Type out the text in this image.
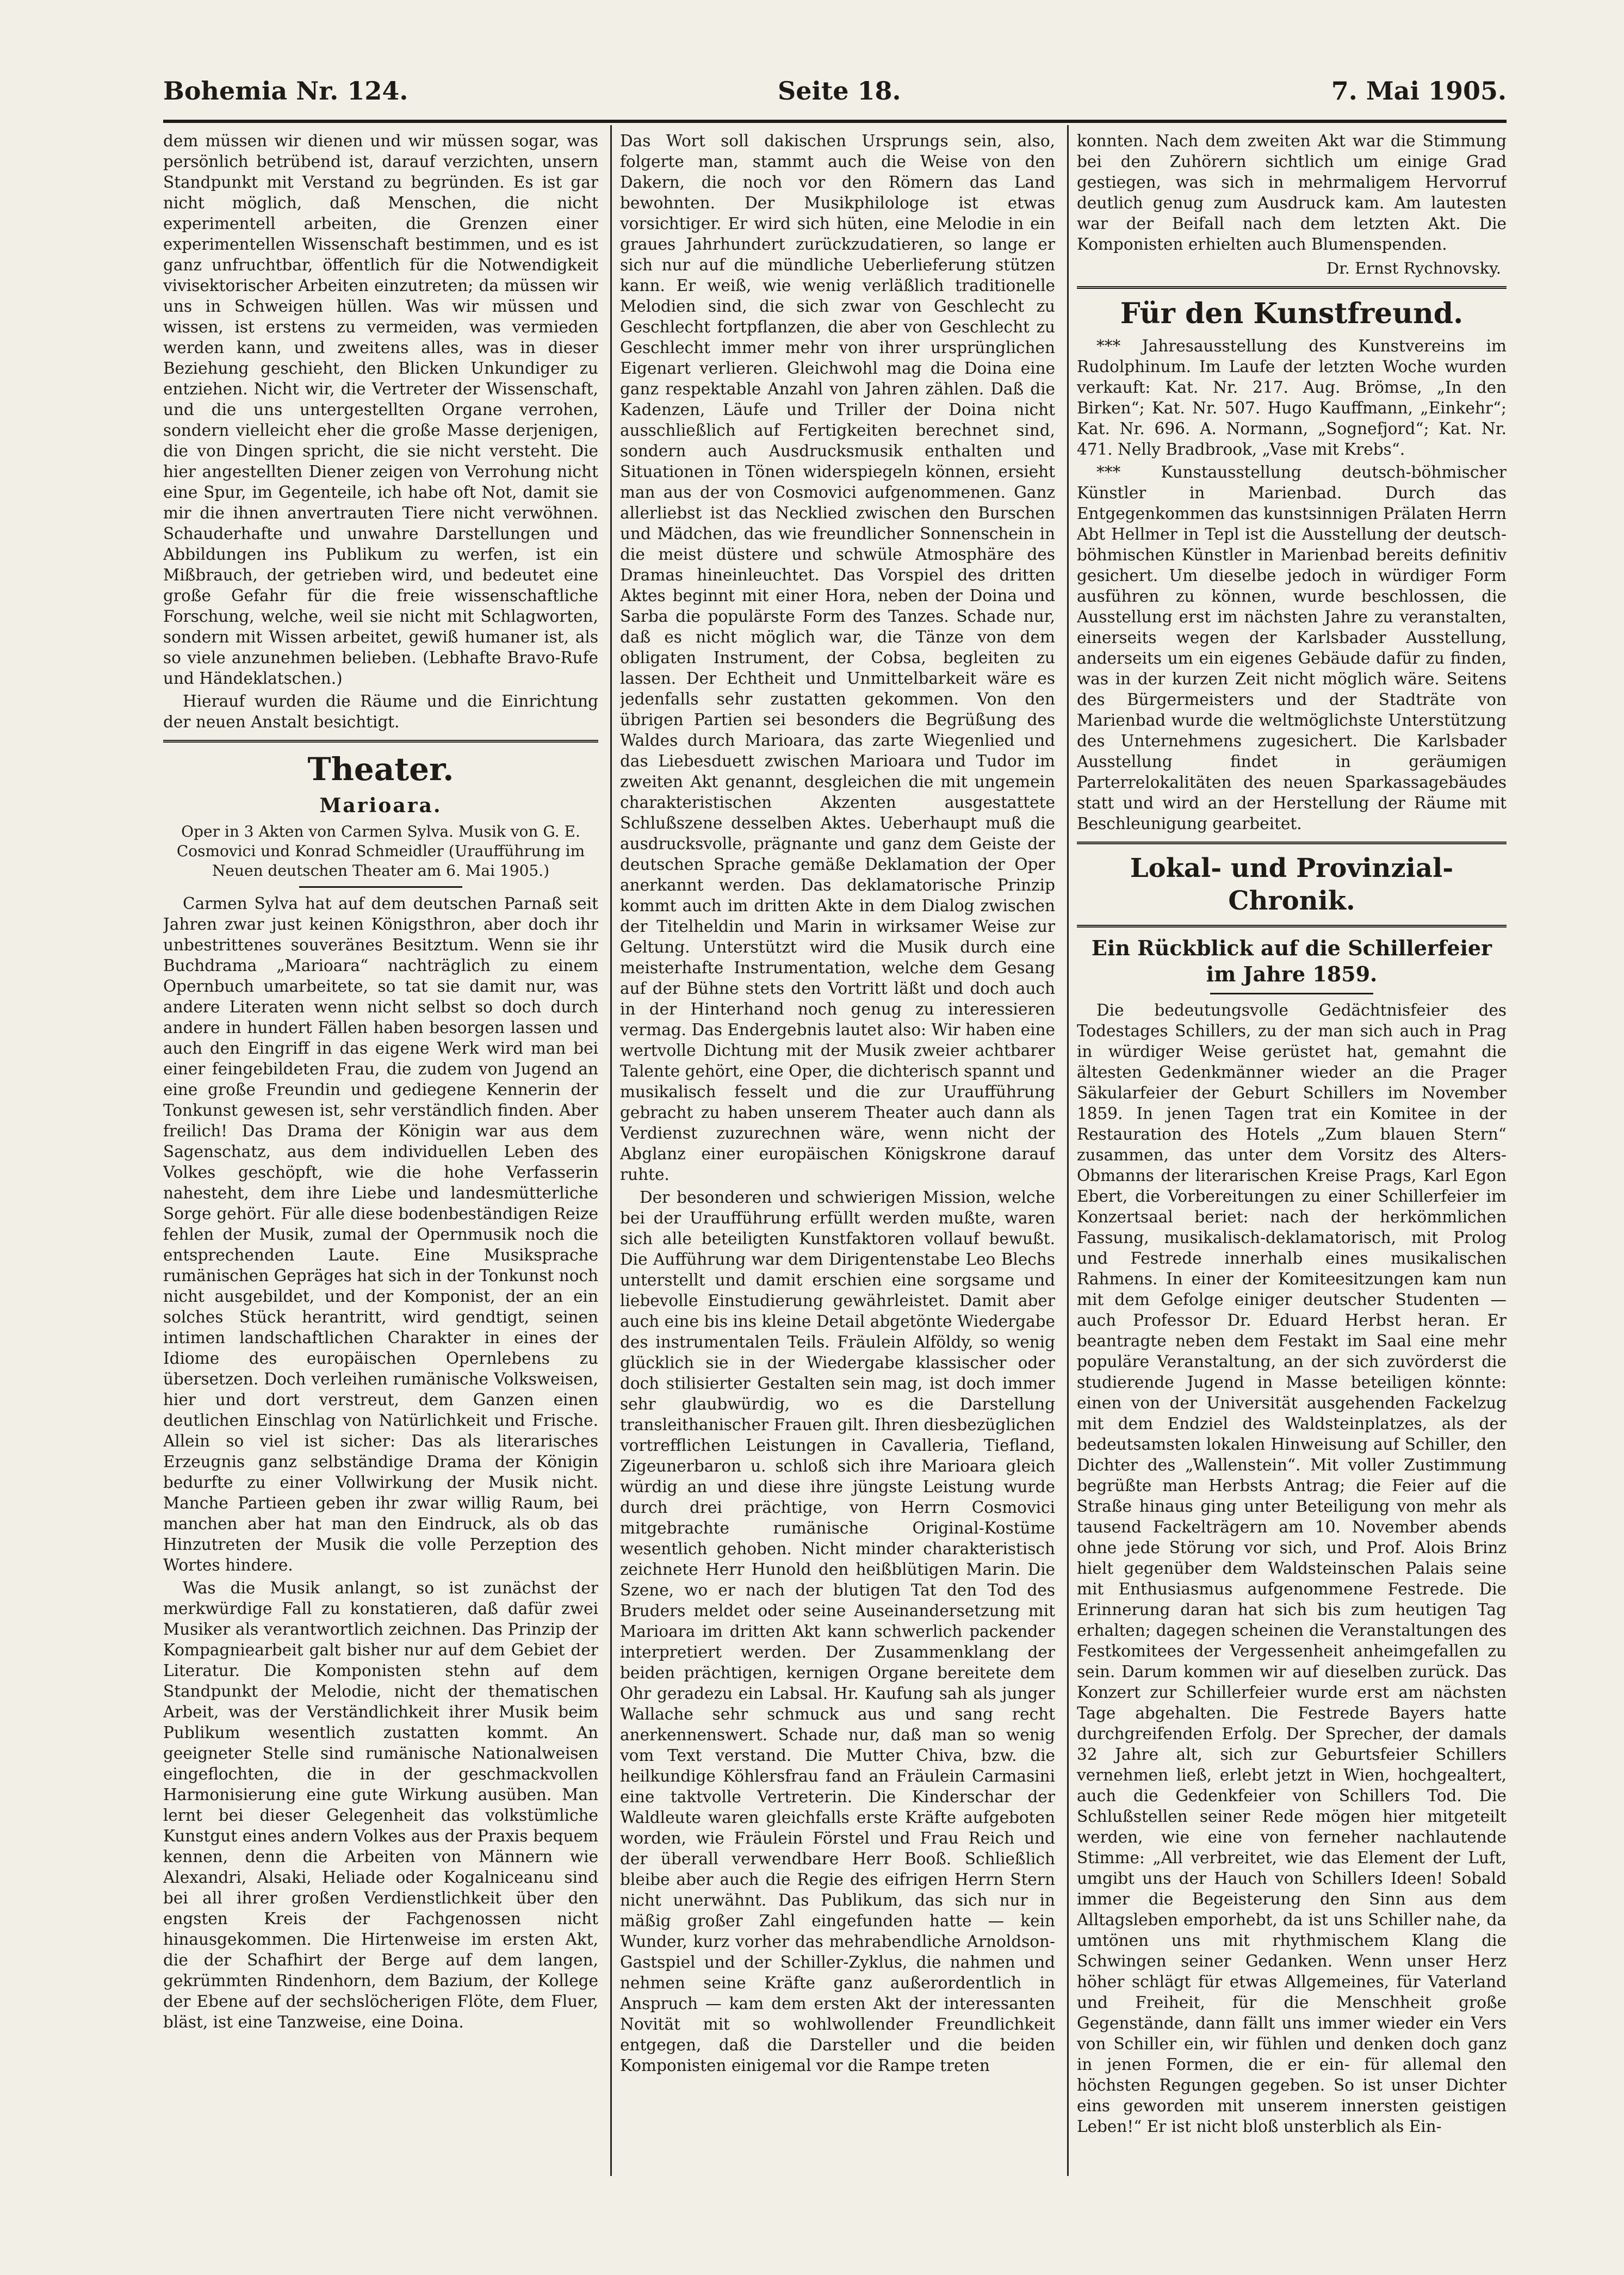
Bohemia Nr. 124.	Seite 18.	7. Mai 1905.

dem müssen wir dienen und wir müssen sogar, was persönlich betrübend ist, darauf verzichten, unsern Standpunkt mit Verstand zu begründen. Es ist gar nicht möglich, daß Menschen, die nicht experimentell arbeiten, die Grenzen einer experimentellen Wissenschaft bestimmen, und es ist ganz unfruchtbar, öffentlich für die Notwendigkeit vivisektorischer Arbeiten einzutreten; da müssen wir uns in Schweigen hüllen. Was wir müssen und wissen, ist erstens zu vermeiden, was vermieden werden kann, und zweitens alles, was in dieser Beziehung geschieht, den Blicken Unkundiger zu entziehen. Nicht wir, die Vertreter der Wissenschaft, und die uns untergestellten Organe verrohen, sondern vielleicht eher die große Masse derjenigen, die von Dingen spricht, die sie nicht versteht. Die hier angestellten Diener zeigen von Verrohung nicht eine Spur, im Gegenteile, ich habe oft Not, damit sie mir die ihnen anvertrauten Tiere nicht verwöhnen. Schauderhafte und unwahre Darstellungen und Abbildungen ins Publikum zu werfen, ist ein Mißbrauch, der getrieben wird, und bedeutet eine große Gefahr für die freie wissenschaftliche Forschung, welche, weil sie nicht mit Schlagworten, sondern mit Wissen arbeitet, gewiß humaner ist, als so viele anzunehmen belieben. (Lebhafte Bravo-Rufe und Händeklatschen.)

Hierauf wurden die Räume und die Einrichtung der neuen Anstalt besichtigt.

Theater.
Marioara.
Oper in 3 Akten von Carmen Sylva. Musik von G. E. Cosmovici und Konrad Schmeidler (Uraufführung im Neuen deutschen Theater am 6. Mai 1905.)

Carmen Sylva hat auf dem deutschen Parnaß seit Jahren zwar just keinen Königsthron, aber doch ihr unbestrittenes souveränes Besitztum. Wenn sie ihr Buchdrama „Marioara“ nachträglich zu einem Opernbuch umarbeitete, so tat sie damit nur, was andere Literaten wenn nicht selbst so doch durch andere in hundert Fällen haben besorgen lassen und auch den Eingriff in das eigene Werk wird man bei einer feingebildeten Frau, die zudem von Jugend an eine große Freundin und gediegene Kennerin der Tonkunst gewesen ist, sehr verständlich finden. Aber freilich! Das Drama der Königin war aus dem Sagenschatz, aus dem individuellen Leben des Volkes geschöpft, wie die hohe Verfasserin nahesteht, dem ihre Liebe und landesmütterliche Sorge gehört. Für alle diese bodenbeständigen Reize fehlen der Musik, zumal der Opernmusik noch die entsprechenden Laute. Eine Musiksprache rumänischen Gepräges hat sich in der Tonkunst noch nicht ausgebildet, und der Komponist, der an ein solches Stück herantritt, wird gendtigt, seinen intimen landschaftlichen Charakter in eines der Idiome des europäischen Opernlebens zu übersetzen. Doch verleihen rumänische Volksweisen, hier und dort verstreut, dem Ganzen einen deutlichen Einschlag von Natürlichkeit und Frische. Allein so viel ist sicher: Das als literarisches Erzeugnis ganz selbständige Drama der Königin bedurfte zu einer Vollwirkung der Musik nicht. Manche Partieen geben ihr zwar willig Raum, bei manchen aber hat man den Eindruck, als ob das Hinzutreten der Musik die volle Perzeption des Wortes hindere.

Was die Musik anlangt, so ist zunächst der merkwürdige Fall zu konstatieren, daß dafür zwei Musiker als verantwortlich zeichnen. Das Prinzip der Kompagniearbeit galt bisher nur auf dem Gebiet der Literatur. Die Komponisten stehn auf dem Standpunkt der Melodie, nicht der thematischen Arbeit, was der Verständlichkeit ihrer Musik beim Publikum wesentlich zustatten kommt. An geeigneter Stelle sind rumänische Nationalweisen eingeflochten, die in der geschmackvollen Harmonisierung eine gute Wirkung ausüben. Man lernt bei dieser Gelegenheit das volkstümliche Kunstgut eines andern Volkes aus der Praxis bequem kennen, denn die Arbeiten von Männern wie Alexandri, Alsaki, Heliade oder Kogalniceanu sind bei all ihrer großen Verdienstlichkeit über den engsten Kreis der Fachgenossen nicht hinausgekommen. Die Hirtenweise im ersten Akt, die der Schafhirt der Berge auf dem langen, gekrümmten Rindenhorn, dem Bazium, der Kollege der Ebene auf der sechslöcherigen Flöte, dem Fluer, bläst, ist eine Tanzweise, eine Doina.

Das Wort soll dakischen Ursprungs sein, also, folgerte man, stammt auch die Weise von den Dakern, die noch vor den Römern das Land bewohnten. Der Musikphilologe ist etwas vorsichtiger. Er wird sich hüten, eine Melodie in ein graues Jahrhundert zurückzudatieren, so lange er sich nur auf die mündliche Ueberlieferung stützen kann. Er weiß, wie wenig verläßlich traditionelle Melodien sind, die sich zwar von Geschlecht zu Geschlecht fortpflanzen, die aber von Geschlecht zu Geschlecht immer mehr von ihrer ursprünglichen Eigenart verlieren. Gleichwohl mag die Doina eine ganz respektable Anzahl von Jahren zählen. Daß die Kadenzen, Läufe und Triller der Doina nicht ausschließlich auf Fertigkeiten berechnet sind, sondern auch Ausdrucksmusik enthalten und Situationen in Tönen widerspiegeln können, ersieht man aus der von Cosmovici aufgenommenen. Ganz allerliebst ist das Necklied zwischen den Burschen und Mädchen, das wie freundlicher Sonnenschein in die meist düstere und schwüle Atmosphäre des Dramas hineinleuchtet. Das Vorspiel des dritten Aktes beginnt mit einer Hora, neben der Doina und Sarba die populärste Form des Tanzes. Schade nur, daß es nicht möglich war, die Tänze von dem obligaten Instrument, der Cobsa, begleiten zu lassen. Der Echtheit und Unmittelbarkeit wäre es jedenfalls sehr zustatten gekommen. Von den übrigen Partien sei besonders die Begrüßung des Waldes durch Marioara, das zarte Wiegenlied und das Liebesduett zwischen Marioara und Tudor im zweiten Akt genannt, desgleichen die mit ungemein charakteristischen Akzenten ausgestattete Schlußszene desselben Aktes. Ueberhaupt muß die ausdrucksvolle, prägnante und ganz dem Geiste der deutschen Sprache gemäße Deklamation der Oper anerkannt werden. Das deklamatorische Prinzip kommt auch im dritten Akte in dem Dialog zwischen der Titelheldin und Marin in wirksamer Weise zur Geltung. Unterstützt wird die Musik durch eine meisterhafte Instrumentation, welche dem Gesang auf der Bühne stets den Vortritt läßt und doch auch in der Hinterhand noch genug zu interessieren vermag. Das Endergebnis lautet also: Wir haben eine wertvolle Dichtung mit der Musik zweier achtbarer Talente gehört, eine Oper, die dichterisch spannt und musikalisch fesselt und die zur Uraufführung gebracht zu haben unserem Theater auch dann als Verdienst zuzurechnen wäre, wenn nicht der Abglanz einer europäischen Königskrone darauf ruhte.

Der besonderen und schwierigen Mission, welche bei der Uraufführung erfüllt werden mußte, waren sich alle beteiligten Kunstfaktoren vollauf bewußt. Die Aufführung war dem Dirigentenstabe Leo Blechs unterstellt und damit erschien eine sorgsame und liebevolle Einstudierung gewährleistet. Damit aber auch eine bis ins kleine Detail abgetönte Wiedergabe des instrumentalen Teils. Fräulein Alföldy, so wenig glücklich sie in der Wiedergabe klassischer oder doch stilisierter Gestalten sein mag, ist doch immer sehr glaubwürdig, wo es die Darstellung transleithanischer Frauen gilt. Ihren diesbezüglichen vortrefflichen Leistungen in Cavalleria, Tiefland, Zigeunerbaron u. schloß sich ihre Marioara gleich würdig an und diese ihre jüngste Leistung wurde durch drei prächtige, von Herrn Cosmovici mitgebrachte rumänische Original-Kostüme wesentlich gehoben. Nicht minder charakteristisch zeichnete Herr Hunold den heißblütigen Marin. Die Szene, wo er nach der blutigen Tat den Tod des Bruders meldet oder seine Auseinandersetzung mit Marioara im dritten Akt kann schwerlich packender interpretiert werden. Der Zusammenklang der beiden prächtigen, kernigen Organe bereitete dem Ohr geradezu ein Labsal. Hr. Kaufung sah als junger Wallache sehr schmuck aus und sang recht anerkennenswert. Schade nur, daß man so wenig vom Text verstand. Die Mutter Chiva, bzw. die heilkundige Köhlersfrau fand an Fräulein Carmasini eine taktvolle Vertreterin. Die Kinderschar der Waldleute waren gleichfalls erste Kräfte aufgeboten worden, wie Fräulein Förstel und Frau Reich und der überall verwendbare Herr Booß. Schließlich bleibe aber auch die Regie des eifrigen Herrn Stern nicht unerwähnt. Das Publikum, das sich nur in mäßig großer Zahl eingefunden hatte — kein Wunder, kurz vorher das mehrabendliche Arnoldson-Gastspiel und der Schiller-Zyklus, die nahmen und nehmen seine Kräfte ganz außerordentlich in Anspruch — kam dem ersten Akt der interessanten Novität mit so wohlwollender Freundlichkeit entgegen, daß die Darsteller und die beiden Komponisten einigemal vor die Rampe treten

konnten. Nach dem zweiten Akt war die Stimmung bei den Zuhörern sichtlich um einige Grad gestiegen, was sich in mehrmaligem Hervorruf deutlich genug zum Ausdruck kam. Am lautesten war der Beifall nach dem letzten Akt. Die Komponisten erhielten auch Blumenspenden.

Dr. Ernst Rychnovsky.
Für den Kunstfreund.

*** Jahresausstellung des Kunstvereins im Rudolphinum. Im Laufe der letzten Woche wurden verkauft: Kat. Nr. 217. Aug. Brömse, „In den Birken“; Kat. Nr. 507. Hugo Kauffmann, „Einkehr“; Kat. Nr. 696. A. Normann, „Sognefjord“; Kat. Nr. 471. Nelly Bradbrook, „Vase mit Krebs“.

*** Kunstausstellung deutsch-böhmischer Künstler in Marienbad. Durch das Entgegenkommen das kunstsinnigen Prälaten Herrn Abt Hellmer in Tepl ist die Ausstellung der deutsch-böhmischen Künstler in Marienbad bereits definitiv gesichert. Um dieselbe jedoch in würdiger Form ausführen zu können, wurde beschlossen, die Ausstellung erst im nächsten Jahre zu veranstalten, einerseits wegen der Karlsbader Ausstellung, anderseits um ein eigenes Gebäude dafür zu finden, was in der kurzen Zeit nicht möglich wäre. Seitens des Bürgermeisters und der Stadträte von Marienbad wurde die weltmöglichste Unterstützung des Unternehmens zugesichert. Die Karlsbader Ausstellung findet in geräumigen Parterrelokalitäten des neuen Sparkassagebäudes statt und wird an der Herstellung der Räume mit Beschleunigung gearbeitet.

Lokal- und Provinzial-Chronik.
Ein Rückblick auf die Schillerfeier im Jahre 1859.

Die bedeutungsvolle Gedächtnisfeier des Todestages Schillers, zu der man sich auch in Prag in würdiger Weise gerüstet hat, gemahnt die ältesten Gedenkmänner wieder an die Prager Säkularfeier der Geburt Schillers im November 1859. In jenen Tagen trat ein Komitee in der Restauration des Hotels „Zum blauen Stern“ zusammen, das unter dem Vorsitz des Alters-Obmanns der literarischen Kreise Prags, Karl Egon Ebert, die Vorbereitungen zu einer Schillerfeier im Konzertsaal beriet: nach der herkömmlichen Fassung, musikalisch-deklamatorisch, mit Prolog und Festrede innerhalb eines musikalischen Rahmens. In einer der Komiteesitzungen kam nun mit dem Gefolge einiger deutscher Studenten — auch Professor Dr. Eduard Herbst heran. Er beantragte neben dem Festakt im Saal eine mehr populäre Veranstaltung, an der sich zuvörderst die studierende Jugend in Masse beteiligen könnte: einen von der Universität ausgehenden Fackelzug mit dem Endziel des Waldsteinplatzes, als der bedeutsamsten lokalen Hinweisung auf Schiller, den Dichter des „Wallenstein“. Mit voller Zustimmung begrüßte man Herbsts Antrag; die Feier auf die Straße hinaus ging unter Beteiligung von mehr als tausend Fackelträgern am 10. November abends ohne jede Störung vor sich, und Prof. Alois Brinz hielt gegenüber dem Waldsteinschen Palais seine mit Enthusiasmus aufgenommene Festrede. Die Erinnerung daran hat sich bis zum heutigen Tag erhalten; dagegen scheinen die Veranstaltungen des Festkomitees der Vergessenheit anheimgefallen zu sein. Darum kommen wir auf dieselben zurück. Das Konzert zur Schillerfeier wurde erst am nächsten Tage abgehalten. Die Festrede Bayers hatte durchgreifenden Erfolg. Der Sprecher, der damals 32 Jahre alt, sich zur Geburtsfeier Schillers vernehmen ließ, erlebt jetzt in Wien, hochgealtert, auch die Gedenkfeier von Schillers Tod. Die Schlußstellen seiner Rede mögen hier mitgeteilt werden, wie eine von ferneher nachlautende Stimme: „All verbreitet, wie das Element der Luft, umgibt uns der Hauch von Schillers Ideen! Sobald immer die Begeisterung den Sinn aus dem Alltagsleben emporhebt, da ist uns Schiller nahe, da umtönen uns mit rhythmischem Klang die Schwingen seiner Gedanken. Wenn unser Herz höher schlägt für etwas Allgemeines, für Vaterland und Freiheit, für die Menschheit große Gegenstände, dann fällt uns immer wieder ein Vers von Schiller ein, wir fühlen und denken doch ganz in jenen Formen, die er ein- für allemal den höchsten Regungen gegeben. So ist unser Dichter eins geworden mit unserem innersten geistigen Leben!“ Er ist nicht bloß unsterblich als Ein-
